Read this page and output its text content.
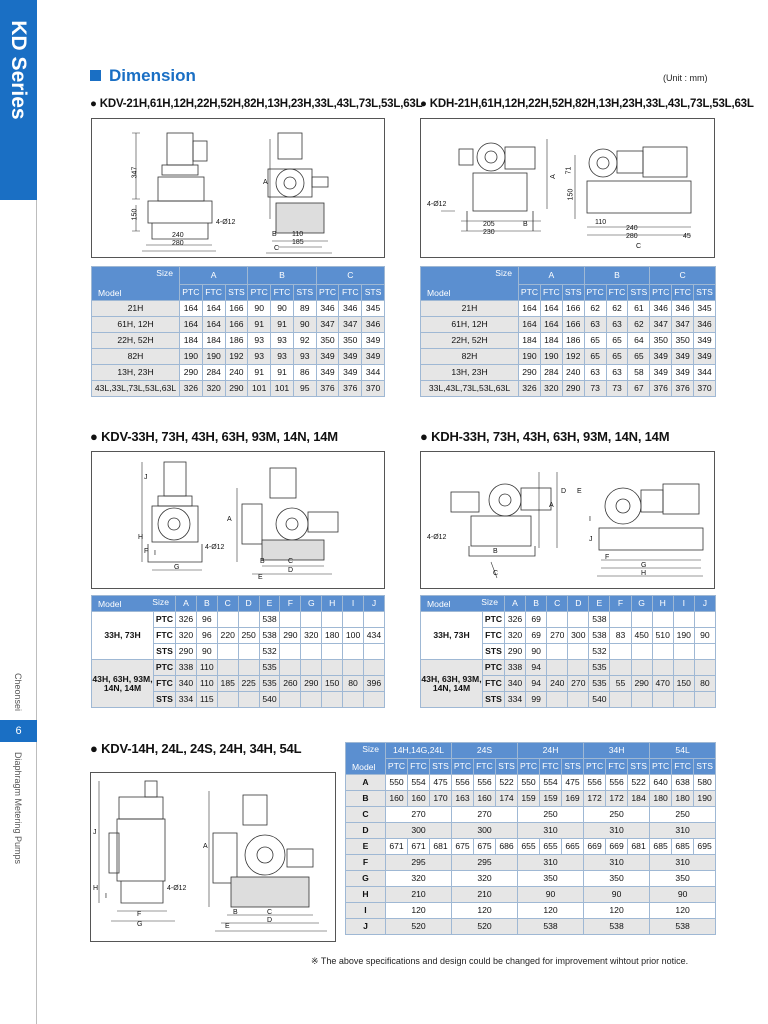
KD Series
Cheonsei
6
Diaphragm Metering Pumps
Dimension	(Unit : mm)
● KDV-21H,61H,12H,22H,52H,82H,13H,23H,33L,43L,73L,53L,63L
● KDH-21H,61H,12H,22H,52H,82H,13H,23H,33L,43L,73L,53L,63L
347
150
4-Ø12
240
280
A
B 110
185
C
A
4-Ø12
71
150
205
230
B	110
240
280	45
C
Size
Model	A			B			C		
	PTC	FTC	STS	PTC	FTC	STS	PTC	FTC	STS
21H	164	164	166	90	90	89	346	346	345
61H, 12H	164	164	166	91	91	90	347	347	346
22H, 52H	184	184	186	93	93	92	350	350	349
82H	190	190	192	93	93	93	349	349	349
13H, 23H	290	284	240	91	91	86	349	349	344
43L,33L,73L,53L,63L	326	320	290	101	101	95	376	376	370
Size
Model	A			B			C		
	PTC	FTC	STS	PTC	FTC	STS	PTC	FTC	STS
21H	164	164	166	62	62	61	346	346	345
61H, 12H	164	164	166	63	63	62	347	347	346
22H, 52H	184	184	186	65	65	64	350	350	349
82H	190	190	192	65	65	65	349	349	349
13H, 23H	290	284	240	63	63	58	349	349	344
33L,43L,73L,53L,63L	326	320	290	73	73	67	376	376	370
● KDV-33H, 73H, 43H, 63H, 93M, 14N, 14M	● KDH-33H, 73H, 43H, 63H, 93M, 14N, 14M
J
A
4-Ø12
G
I
H
F
B	C
D
E
4-Ø12
A
B
C
D E
F
G
H
I
J
Size
Model		A	B	C	D	E	F	G	H	I	J
33H, 73H	PTC	326	96			538					
	FTC	320	96	220	250	538	290	320	180	100	434
	STS	290	90			532					
43H, 63H, 93M, 14N, 14M	PTC	338	110			535					
	FTC	340	110	185	225	535	260	290	150	80	396
	STS	334	115			540					
Size
Model		A	B	C	D	E	F	G	H	I	J
33H, 73H	PTC	326	69			538					
	FTC	320	69	270	300	538	83	450	510	190	90
	STS	290	90			532					
43H, 63H, 93M, 14N, 14M	PTC	338	94			535					
	FTC	340	94	240	270	535	55	290	470	150	80
	STS	334	99			540					
● KDV-14H, 24L, 24S, 24H, 34H, 54L
J
A
4-Ø12
H
I
F
G
B	C
D
E
Size
Model	14H,14G,24L			24S			24H			34H			54L		
	PTC	FTC	STS	PTC	FTC	STS	PTC	FTC	STS	PTC	FTC	STS	PTC	FTC	STS
A	550	554	475	556	556	522	550	554	475	556	556	522	640	638	580
B	160	160	170	163	160	174	159	159	169	172	172	184	180	180	190
C	270			270			250			250			250		
D	300			300			310			310			310		
E	671	671	681	675	675	686	655	655	665	669	669	681	685	685	695
F	295			295			310			310			310		
G	320			320			350			350			350		
H	210			210			90			90			90		
I	120			120			120			120			120		
J	520			520			538			538			538		
※ The above specifications and design could be changed for improvement wihtout prior notice.
